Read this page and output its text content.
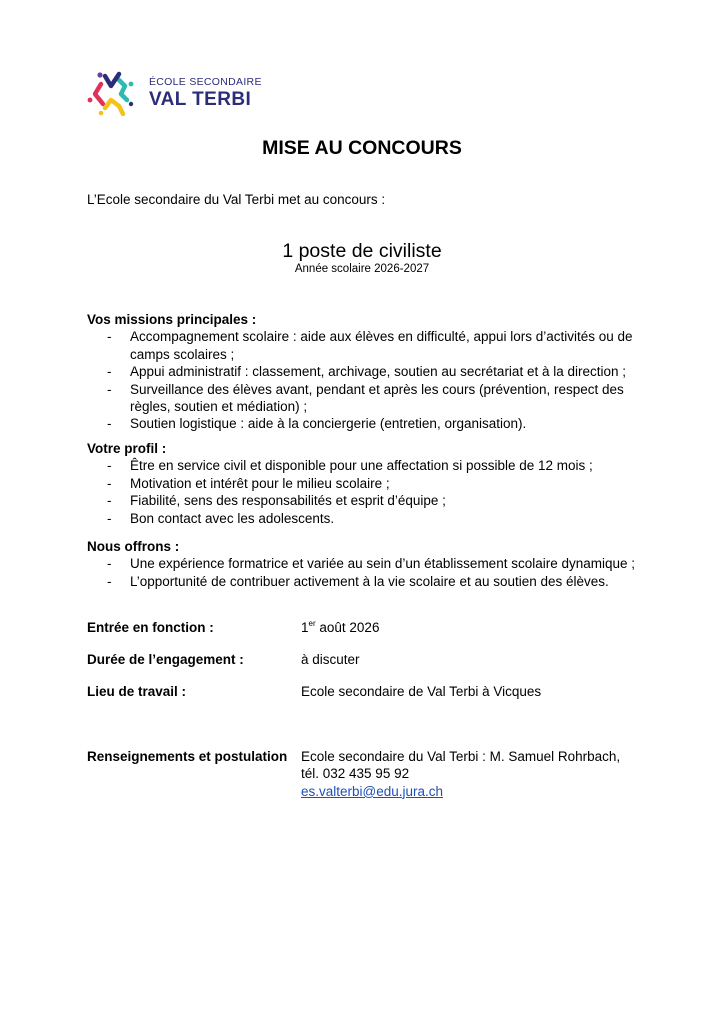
ÉCOLE SECONDAIRE
VAL TERBI
MISE AU CONCOURS
L’Ecole secondaire du Val Terbi met au concours :
1 poste de civiliste
Année scolaire 2026-2027
Vos missions principales :
- Accompagnement scolaire : aide aux élèves en difficulté, appui lors d’activités ou de camps scolaires ;
- Appui administratif : classement, archivage, soutien au secrétariat et à la direction ;
- Surveillance des élèves avant, pendant et après les cours (prévention, respect des règles, soutien et médiation) ;
- Soutien logistique : aide à la conciergerie (entretien, organisation).
Votre profil :
- Être en service civil et disponible pour une affectation si possible de 12 mois ;
- Motivation et intérêt pour le milieu scolaire ;
- Fiabilité, sens des responsabilités et esprit d’équipe ;
- Bon contact avec les adolescents.
Nous offrons :
- Une expérience formatrice et variée au sein d’un établissement scolaire dynamique ;
- L’opportunité de contribuer activement à la vie scolaire et au soutien des élèves.
Entrée en fonction :	1er août 2026
Durée de l’engagement :	à discuter
Lieu de travail :	Ecole secondaire de Val Terbi à Vicques
Renseignements et postulation	Ecole secondaire du Val Terbi : M. Samuel Rohrbach,
tél. 032 435 95 92
es.valterbi@edu.jura.ch
